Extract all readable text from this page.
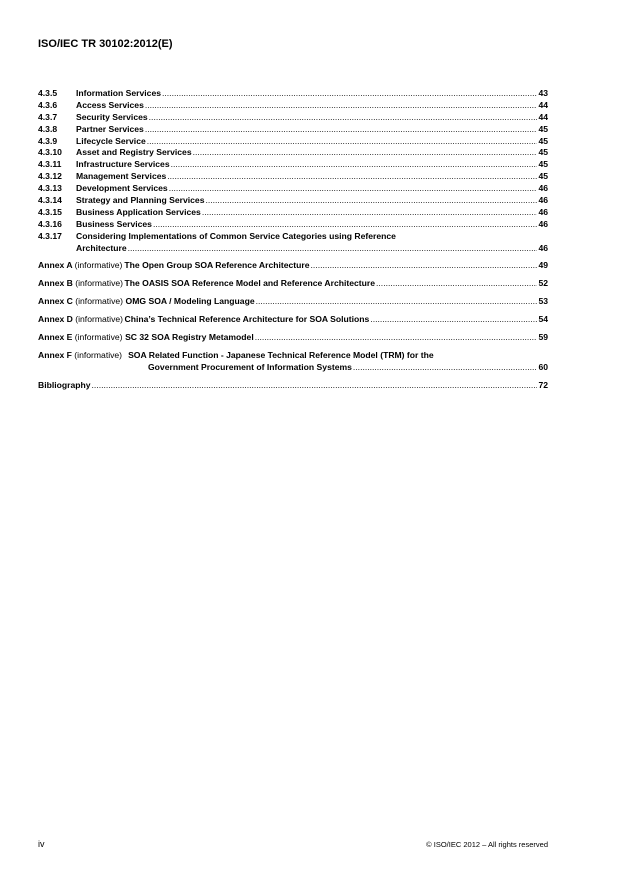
ISO/IEC TR 30102:2012(E)
4.3.5	Information Services .....	43
4.3.6	Access Services .....	44
4.3.7	Security Services .....	44
4.3.8	Partner Services .....	45
4.3.9	Lifecycle Service .....	45
4.3.10	Asset and Registry Services .....	45
4.3.11	Infrastructure Services .....	45
4.3.12	Management Services .....	45
4.3.13	Development Services .....	46
4.3.14	Strategy and Planning Services .....	46
4.3.15	Business Application Services .....	46
4.3.16	Business Services .....	46
4.3.17	Considering Implementations of Common Service Categories using Reference
Architecture .....	46
Annex A (informative) The Open Group SOA Reference Architecture .....	49
Annex B (informative) The OASIS SOA Reference Model and Reference Architecture .....	52
Annex C (informative) OMG SOA / Modeling Language .....	53
Annex D (informative) China’s Technical Reference Architecture for SOA Solutions .....	54
Annex E (informative) SC 32 SOA Registry Metamodel .....	59
Annex F (informative) SOA Related Function - Japanese Technical Reference Model (TRM) for the
Government Procurement of Information Systems .....	60
Bibliography .....	72
iv	© ISO/IEC 2012 – All rights reserved
